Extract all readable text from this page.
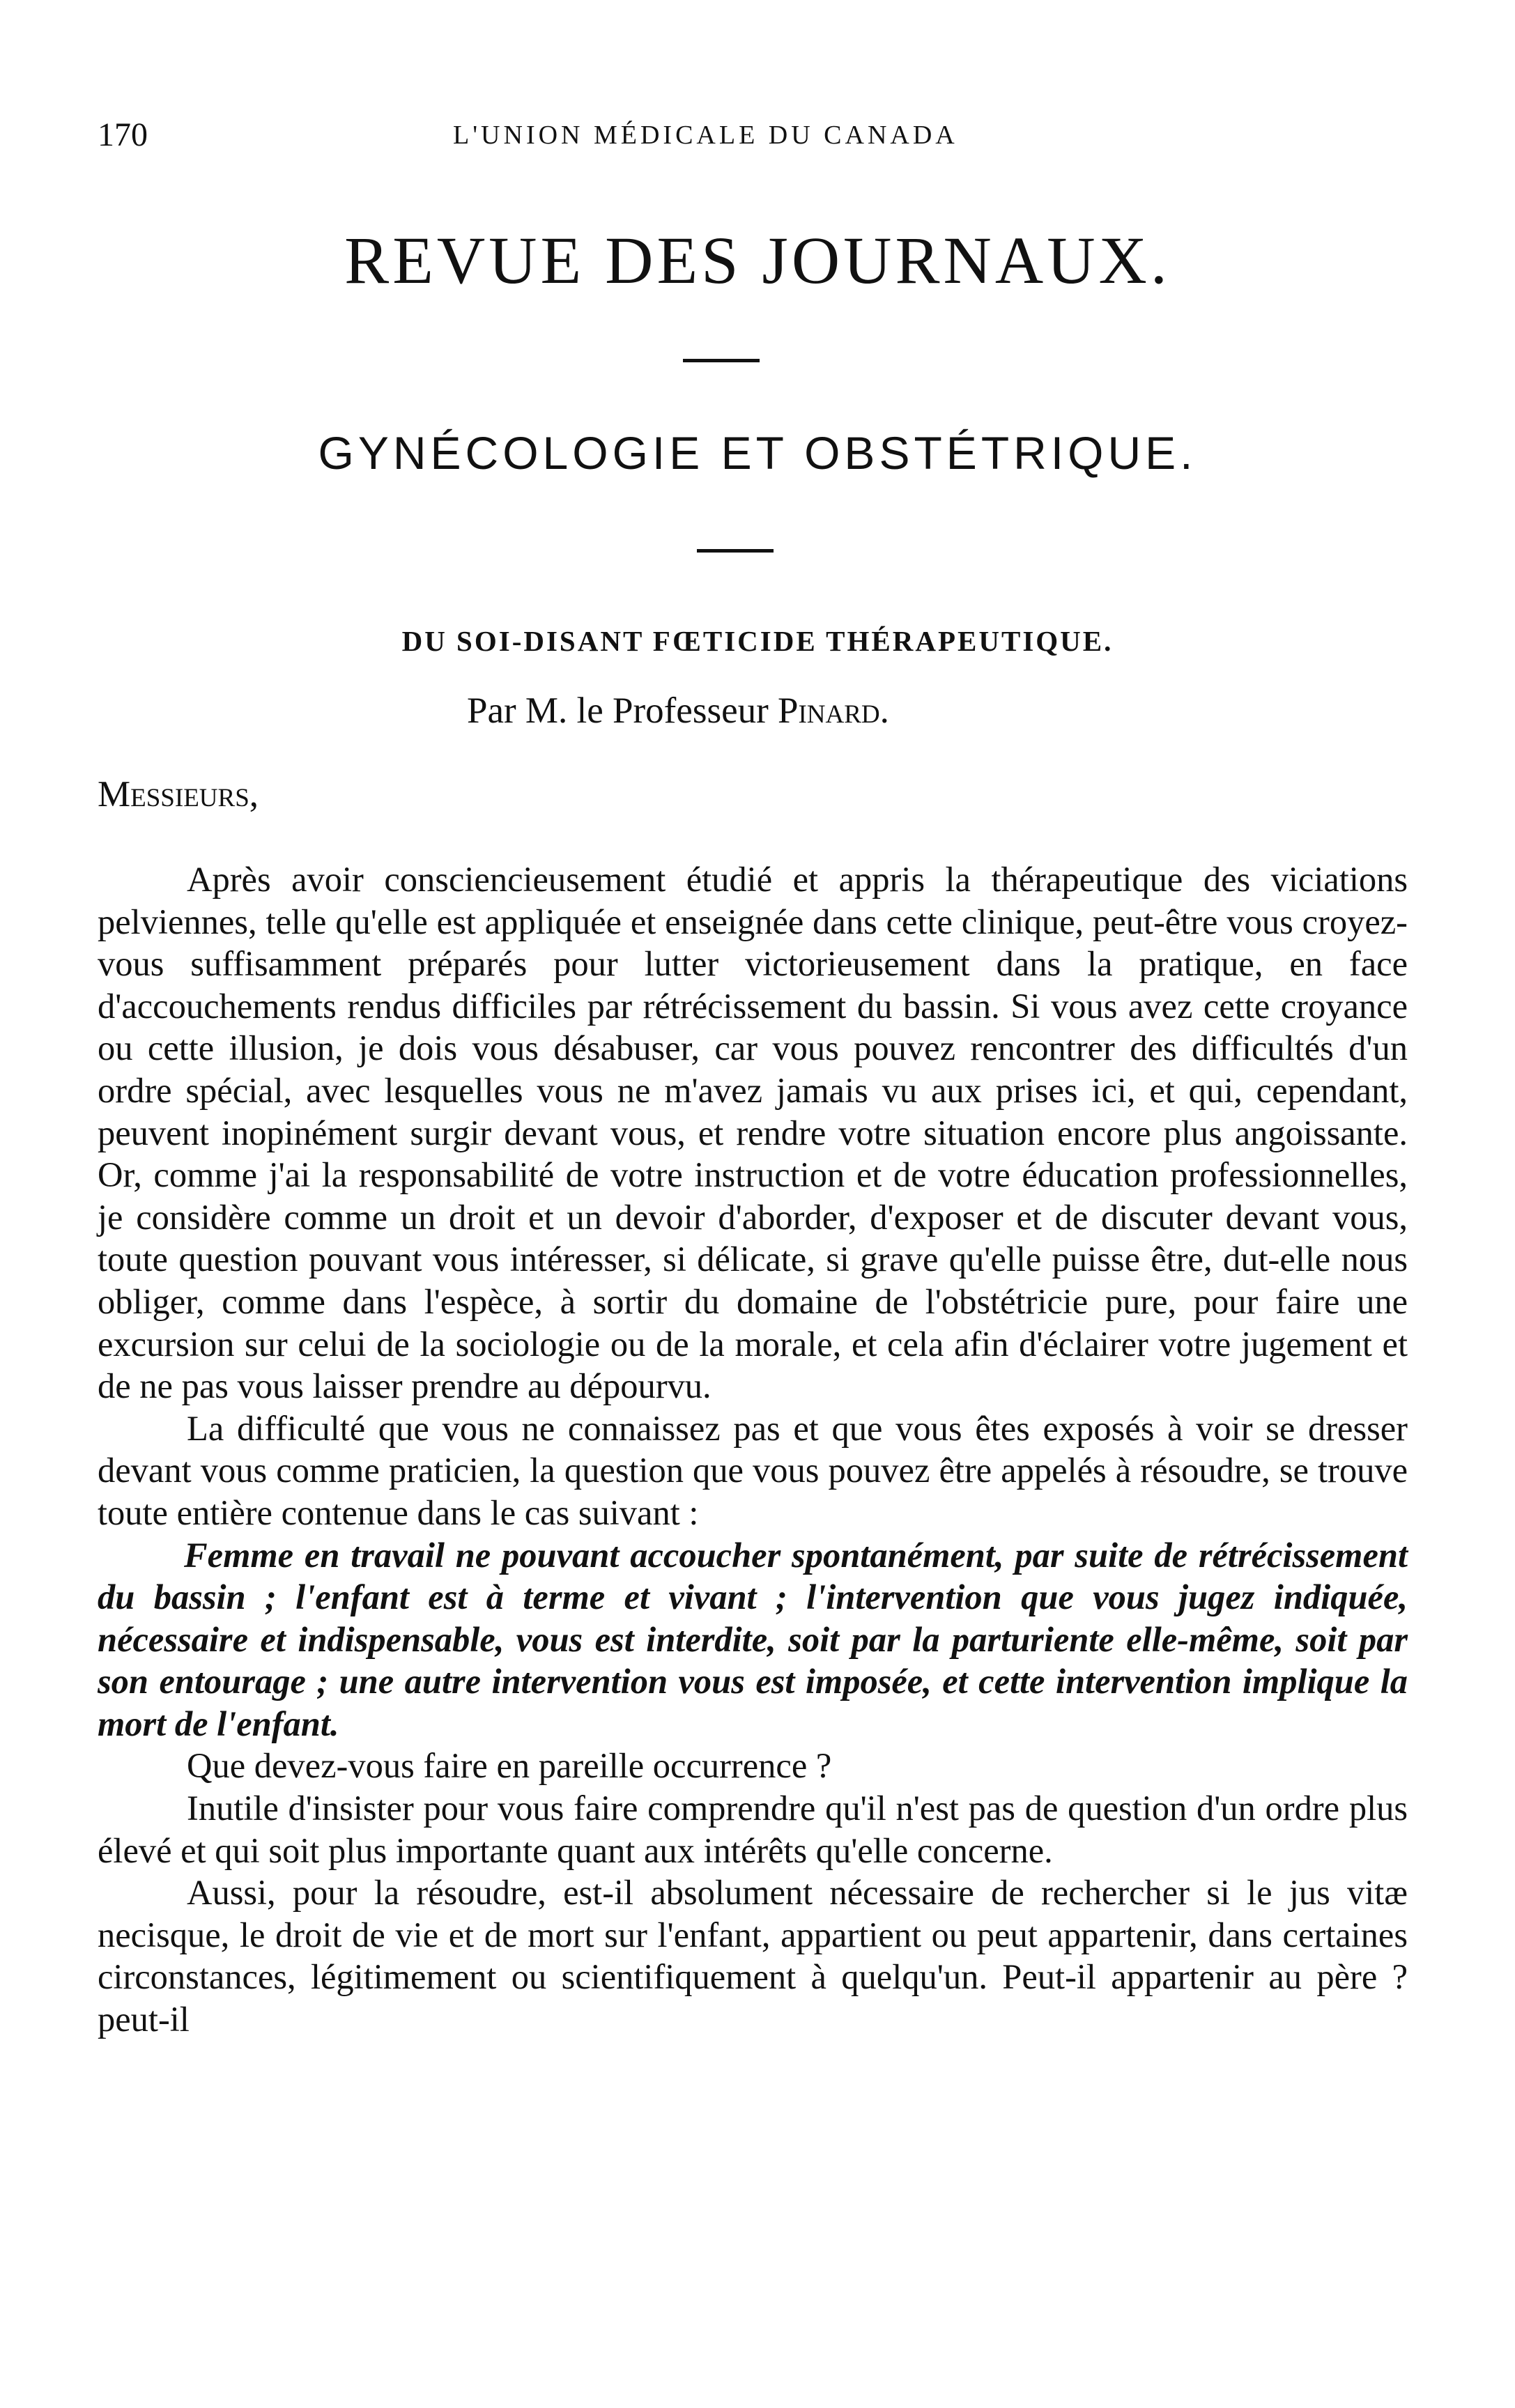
170	L'UNION MÉDICALE DU CANADA
REVUE DES JOURNAUX.
GYNÉCOLOGIE ET OBSTÉTRIQUE.
DU SOI-DISANT FŒTICIDE THÉRAPEUTIQUE.
Par M. le Professeur Pinard.
Messieurs,

Après avoir consciencieusement étudié et appris la thérapeutique des viciations pelviennes, telle qu'elle est appliquée et enseignée dans cette clinique, peut-être vous croyez-vous suffisamment préparés pour lutter victorieusement dans la pratique, en face d'accouchements rendus difficiles par rétrécissement du bassin. Si vous avez cette croyance ou cette illusion, je dois vous désabuser, car vous pouvez rencontrer des difficultés d'un ordre spécial, avec lesquelles vous ne m'avez jamais vu aux prises ici, et qui, cependant, peuvent inopinément surgir devant vous, et rendre votre situation encore plus angoissante. Or, comme j'ai la responsabilité de votre instruction et de votre éducation professionnelles, je considère comme un droit et un devoir d'aborder, d'exposer et de discuter devant vous, toute question pouvant vous intéresser, si délicate, si grave qu'elle puisse être, dut-elle nous obliger, comme dans l'espèce, à sortir du domaine de l'obstétricie pure, pour faire une excursion sur celui de la sociologie ou de la morale, et cela afin d'éclairer votre jugement et de ne pas vous laisser prendre au dépourvu.

La difficulté que vous ne connaissez pas et que vous êtes exposés à voir se dresser devant vous comme praticien, la question que vous pouvez être appelés à résoudre, se trouve toute entière contenue dans le cas suivant :

Femme en travail ne pouvant accoucher spontanément, par suite de rétrécissement du bassin ; l'enfant est à terme et vivant ; l'intervention que vous jugez indiquée, nécessaire et indispensable, vous est interdite, soit par la parturiente elle-même, soit par son entourage ; une autre intervention vous est imposée, et cette intervention implique la mort de l'enfant.

Que devez-vous faire en pareille occurrence ?

Inutile d'insister pour vous faire comprendre qu'il n'est pas de question d'un ordre plus élevé et qui soit plus importante quant aux intérêts qu'elle concerne.

Aussi, pour la résoudre, est-il absolument nécessaire de rechercher si le jus vitæ necisque, le droit de vie et de mort sur l'enfant, appartient ou peut appartenir, dans certaines circonstances, légitimement ou scientifiquement à quelqu'un. Peut-il appartenir au père ? peut-il
